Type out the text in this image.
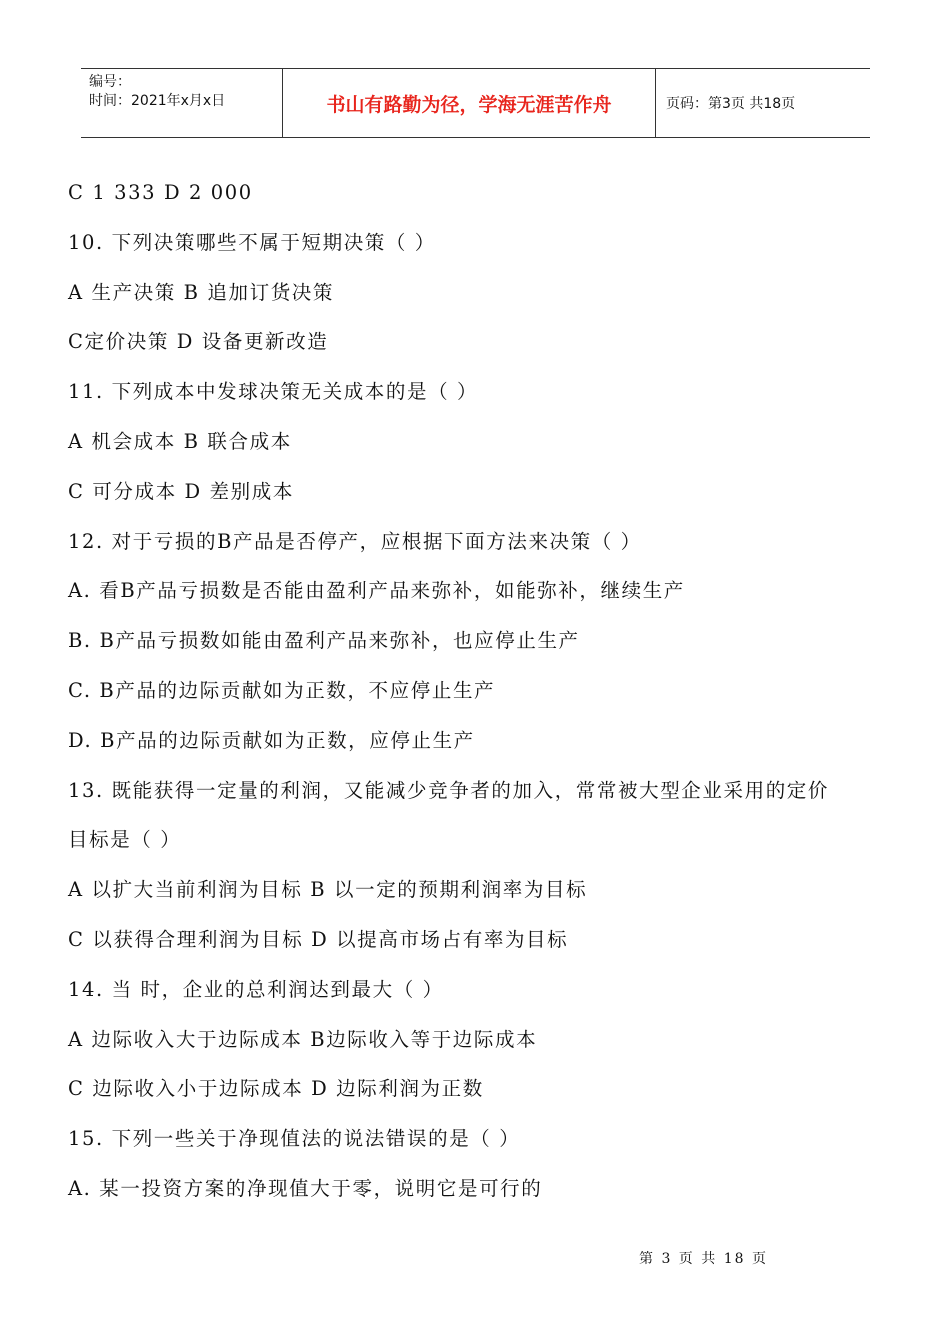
编号：
时间：2021年x月x日	书山有路勤为径，学海无涯苦作舟	页码：第3页 共18页
C 1 333 D 2 000
10. 下列决策哪些不属于短期决策（ ）
A 生产决策 B 追加订货决策
C定价决策 D 设备更新改造
11. 下列成本中发球决策无关成本的是（ ）
A 机会成本 B 联合成本
C 可分成本 D 差别成本
12. 对于亏损的B产品是否停产，应根据下面方法来决策（ ）
A. 看B产品亏损数是否能由盈利产品来弥补，如能弥补，继续生产
B. B产品亏损数如能由盈利产品来弥补，也应停止生产
C. B产品的边际贡献如为正数，不应停止生产
D. B产品的边际贡献如为正数，应停止生产
13. 既能获得一定量的利润，又能减少竞争者的加入，常常被大型企业采用的定价
目标是（ ）
A 以扩大当前利润为目标 B 以一定的预期利润率为目标
C 以获得合理利润为目标 D 以提高市场占有率为目标
14. 当 时，企业的总利润达到最大（ ）
A 边际收入大于边际成本 B边际收入等于边际成本
C 边际收入小于边际成本 D 边际利润为正数
15. 下列一些关于净现值法的说法错误的是（ ）
A. 某一投资方案的净现值大于零，说明它是可行的
第 3 页 共 18 页
